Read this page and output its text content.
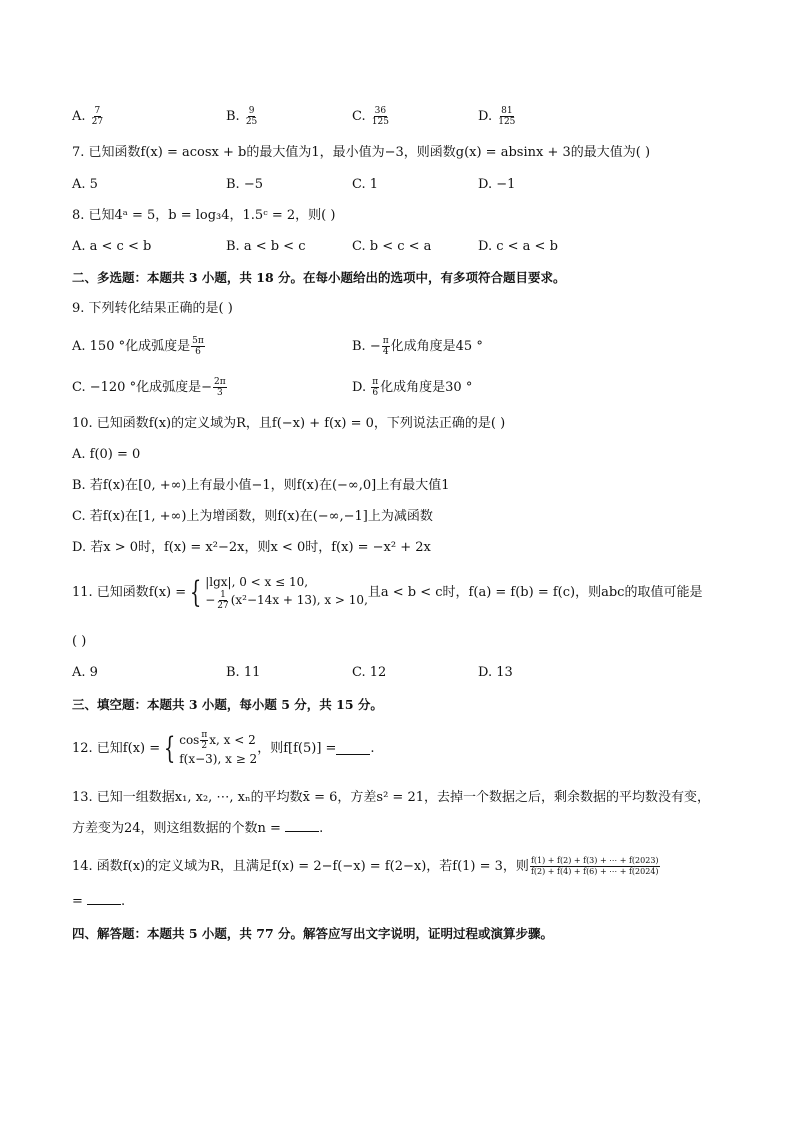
A. $\frac{7}{27}$	B. $\frac{9}{25}$	C. $\frac{36}{125}$	D. $\frac{81}{125}$
7. 已知函数f(x) = acosx + b的最大值为1，最小值为−3，则函数g(x) = absinx + 3的最大值为( )
A. 5	B. −5	C. 1	D. −1
8. 已知4ᵃ = 5，b = log₃4，1.5ᶜ = 2，则( )
A. a < c < b	B. a < b < c	C. b < c < a	D. c < a < b
二、多选题：本题共 3 小题，共 18 分。在每小题给出的选项中，有多项符合题目要求。
9. 下列转化结果正确的是( )
A. 150 °化成弧度是 $\frac{5\pi}{6}$	B. − $\frac{\pi}{4}$ 化成角度是45 °
C. −120 °化成弧度是− $\frac{2\pi}{3}$	D. $\frac{\pi}{6}$ 化成角度是30 °
10. 已知函数f(x)的定义域为R，且f(−x) + f(x) = 0，下列说法正确的是( )
A. f(0) = 0
B. 若f(x)在[0, +∞)上有最小值−1，则f(x)在(−∞,0]上有最大值1
C. 若f(x)在[1, +∞)上为增函数，则f(x)在(−∞,−1]上为减函数
D. 若x > 0时，f(x) = x²−2x，则x < 0时，f(x) = −x² + 2x
11. 已知函数f(x) = { |lgx|, 0 < x ≤ 10,
− $\frac{1}{27} (x^2-14x + 13)$, x > 10,
且a < b < c时，f(a) = f(b) = f(c)，则abc的取值可能是
( )
A. 9	B. 11	C. 12	D. 13
三、填空题：本题共 3 小题，每小题 5 分，共 15 分。
12. 已知f(x) = { $\cos \frac{\pi}{2} x$, x < 2
f(x−3), x ≥ 2
，则f[f(5)] =	.
13. 已知一组数据x₁, x₂, ⋯, xₙ的平均数x̄ = 6，方差s² = 21，去掉一个数据之后，剩余数据的平均数没有变，
方差变为24，则这组数据的个数n =	.
14. 函数f(x)的定义域为R，且满足f(x) = 2−f(−x) = f(2−x)，若f(1) = 3，则 $\frac{f(1) + f(2) + f(3) + \cdots + f(2023)}{f(2) + f(4) + f(6) + \cdots + f(2024)}$
=	.
四、解答题：本题共 5 小题，共 77 分。解答应写出文字说明，证明过程或演算步骤。
